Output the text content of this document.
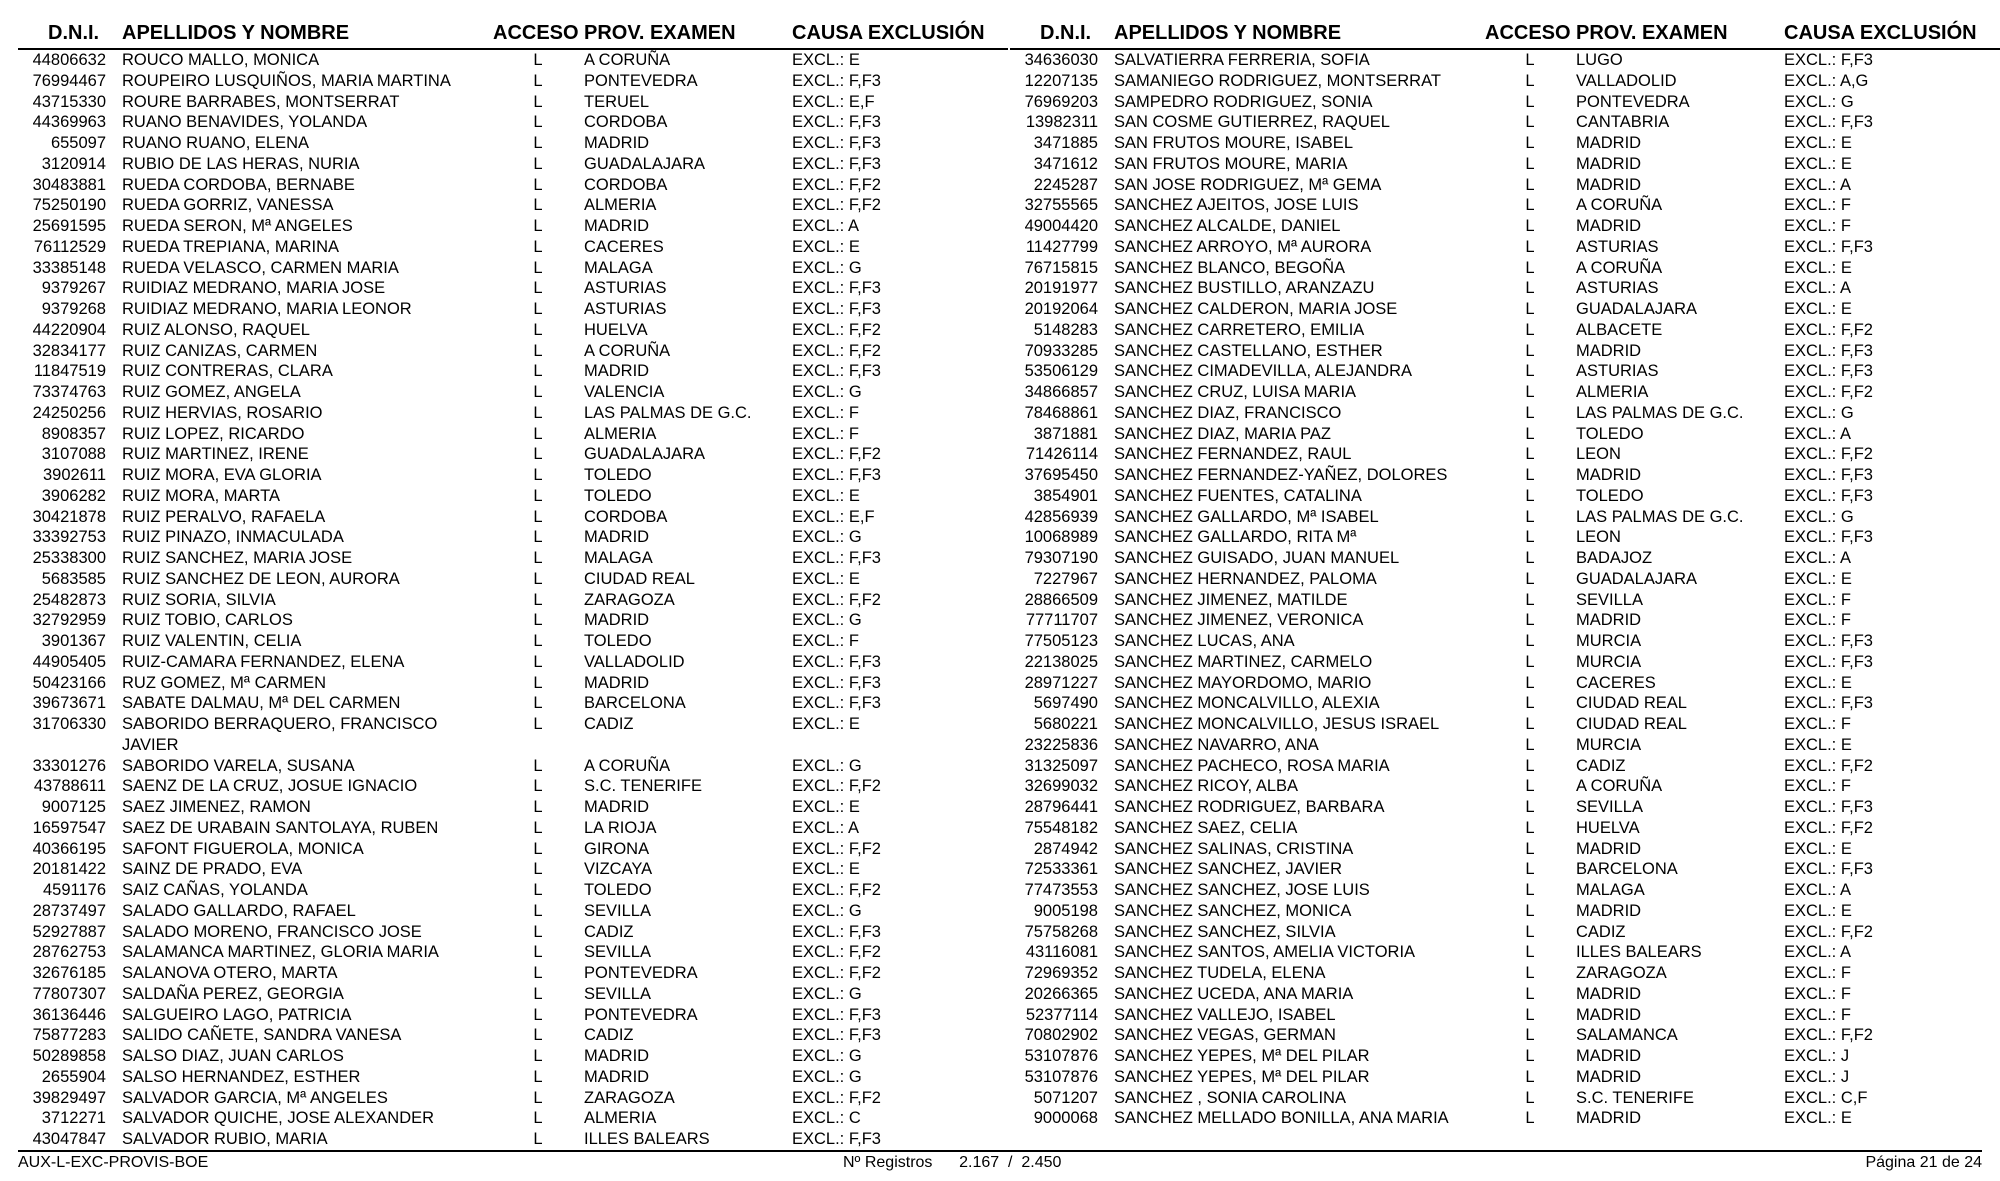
D.N.I. APELLIDOS Y NOMBRE	ACCESO PROV. EXAMEN	CAUSA EXCLUSIÓN
44806632 ROUCO MALLO, MONICA	L	A CORUÑA	EXCL.: E
76994467 ROUPEIRO LUSQUIÑOS, MARIA MARTINA	L	PONTEVEDRA	EXCL.: F,F3
43715330 ROURE BARRABES, MONTSERRAT	L	TERUEL	EXCL.: E,F
44369963 RUANO BENAVIDES, YOLANDA	L	CORDOBA	EXCL.: F,F3
655097 RUANO RUANO, ELENA	L	MADRID	EXCL.: F,F3
3120914 RUBIO DE LAS HERAS, NURIA	L	GUADALAJARA	EXCL.: F,F3
30483881 RUEDA CORDOBA, BERNABE	L	CORDOBA	EXCL.: F,F2
75250190 RUEDA GORRIZ, VANESSA	L	ALMERIA	EXCL.: F,F2
25691595 RUEDA SERON, Mª ANGELES	L	MADRID	EXCL.: A
76112529 RUEDA TREPIANA, MARINA	L	CACERES	EXCL.: E
33385148 RUEDA VELASCO, CARMEN MARIA	L	MALAGA	EXCL.: G
9379267 RUIDIAZ MEDRANO, MARIA JOSE	L	ASTURIAS	EXCL.: F,F3
9379268 RUIDIAZ MEDRANO, MARIA LEONOR	L	ASTURIAS	EXCL.: F,F3
44220904 RUIZ ALONSO, RAQUEL	L	HUELVA	EXCL.: F,F2
32834177 RUIZ CANIZAS, CARMEN	L	A CORUÑA	EXCL.: F,F2
11847519 RUIZ CONTRERAS, CLARA	L	MADRID	EXCL.: F,F3
73374763 RUIZ GOMEZ, ANGELA	L	VALENCIA	EXCL.: G
24250256 RUIZ HERVIAS, ROSARIO	L	LAS PALMAS DE G.C. EXCL.: F
8908357 RUIZ LOPEZ, RICARDO	L	ALMERIA	EXCL.: F
3107088 RUIZ MARTINEZ, IRENE	L	GUADALAJARA	EXCL.: F,F2
3902611 RUIZ MORA, EVA GLORIA	L	TOLEDO	EXCL.: F,F3
3906282 RUIZ MORA, MARTA	L	TOLEDO	EXCL.: E
30421878 RUIZ PERALVO, RAFAELA	L	CORDOBA	EXCL.: E,F
33392753 RUIZ PINAZO, INMACULADA	L	MADRID	EXCL.: G
25338300 RUIZ SANCHEZ, MARIA JOSE	L	MALAGA	EXCL.: F,F3
5683585 RUIZ SANCHEZ DE LEON, AURORA	L	CIUDAD REAL	EXCL.: E
25482873 RUIZ SORIA, SILVIA	L	ZARAGOZA	EXCL.: F,F2
32792959 RUIZ TOBIO, CARLOS	L	MADRID	EXCL.: G
3901367 RUIZ VALENTIN, CELIA	L	TOLEDO	EXCL.: F
44905405 RUIZ-CAMARA FERNANDEZ, ELENA	L	VALLADOLID	EXCL.: F,F3
50423166 RUZ GOMEZ, Mª CARMEN	L	MADRID	EXCL.: F,F3
39673671 SABATE DALMAU, Mª DEL CARMEN	L	BARCELONA	EXCL.: F,F3
31706330 SABORIDO BERRAQUERO, FRANCISCO JAVIER
L	CADIZ	EXCL.: E
33301276 SABORIDO VARELA, SUSANA	L	A CORUÑA	EXCL.: G
43788611 SAENZ DE LA CRUZ, JOSUE IGNACIO	L	S.C. TENERIFE	EXCL.: F,F2
9007125 SAEZ JIMENEZ, RAMON	L	MADRID	EXCL.: E
16597547 SAEZ DE URABAIN SANTOLAYA, RUBEN	L	LA RIOJA	EXCL.: A
40366195 SAFONT FIGUEROLA, MONICA	L	GIRONA	EXCL.: F,F2
20181422 SAINZ DE PRADO, EVA	L	VIZCAYA	EXCL.: E
4591176 SAIZ CAÑAS, YOLANDA	L	TOLEDO	EXCL.: F,F2
28737497 SALADO GALLARDO, RAFAEL	L	SEVILLA	EXCL.: G
52927887 SALADO MORENO, FRANCISCO JOSE	L	CADIZ	EXCL.: F,F3
28762753 SALAMANCA MARTINEZ, GLORIA MARIA	L	SEVILLA	EXCL.: F,F2
32676185 SALANOVA OTERO, MARTA	L	PONTEVEDRA	EXCL.: F,F2
77807307 SALDAÑA PEREZ, GEORGIA	L	SEVILLA	EXCL.: G
36136446 SALGUEIRO LAGO, PATRICIA	L	PONTEVEDRA	EXCL.: F,F3
75877283 SALIDO CAÑETE, SANDRA VANESA	L	CADIZ	EXCL.: F,F3
50289858 SALSO DIAZ, JUAN CARLOS	L	MADRID	EXCL.: G
2655904 SALSO HERNANDEZ, ESTHER	L	MADRID	EXCL.: G
39829497 SALVADOR GARCIA, Mª ANGELES	L	ZARAGOZA	EXCL.: F,F2
3712271 SALVADOR QUICHE, JOSE ALEXANDER	L	ALMERIA	EXCL.: C
43047847 SALVADOR RUBIO, MARIA	L	ILLES BALEARS	EXCL.: F,F3
D.N.I. APELLIDOS Y NOMBRE	ACCESO PROV. EXAMEN	CAUSA EXCLUSIÓN
34636030 SALVATIERRA FERRERIA, SOFIA	L	LUGO	EXCL.: F,F3
12207135 SAMANIEGO RODRIGUEZ, MONTSERRAT	L	VALLADOLID	EXCL.: A,G
76969203 SAMPEDRO RODRIGUEZ, SONIA	L	PONTEVEDRA	EXCL.: G
13982311 SAN COSME GUTIERREZ, RAQUEL	L	CANTABRIA	EXCL.: F,F3
3471885 SAN FRUTOS MOURE, ISABEL	L	MADRID	EXCL.: E
3471612 SAN FRUTOS MOURE, MARIA	L	MADRID	EXCL.: E
2245287 SAN JOSE RODRIGUEZ, Mª GEMA	L	MADRID	EXCL.: A
32755565 SANCHEZ AJEITOS, JOSE LUIS	L	A CORUÑA	EXCL.: F
49004420 SANCHEZ ALCALDE, DANIEL	L	MADRID	EXCL.: F
11427799 SANCHEZ ARROYO, Mª AURORA	L	ASTURIAS	EXCL.: F,F3
76715815 SANCHEZ BLANCO, BEGOÑA	L	A CORUÑA	EXCL.: E
20191977 SANCHEZ BUSTILLO, ARANZAZU	L	ASTURIAS	EXCL.: A
20192064 SANCHEZ CALDERON, MARIA JOSE	L	GUADALAJARA	EXCL.: E
5148283 SANCHEZ CARRETERO, EMILIA	L	ALBACETE	EXCL.: F,F2
70933285 SANCHEZ CASTELLANO, ESTHER	L	MADRID	EXCL.: F,F3
53506129 SANCHEZ CIMADEVILLA, ALEJANDRA	L	ASTURIAS	EXCL.: F,F3
34866857 SANCHEZ CRUZ, LUISA MARIA	L	ALMERIA	EXCL.: F,F2
78468861 SANCHEZ DIAZ, FRANCISCO	L	LAS PALMAS DE G.C. EXCL.: G
3871881 SANCHEZ DIAZ, MARIA PAZ	L	TOLEDO	EXCL.: A
71426114 SANCHEZ FERNANDEZ, RAUL	L	LEON	EXCL.: F,F2
37695450 SANCHEZ FERNANDEZ-YAÑEZ, DOLORES	L	MADRID	EXCL.: F,F3
3854901 SANCHEZ FUENTES, CATALINA	L	TOLEDO	EXCL.: F,F3
42856939 SANCHEZ GALLARDO, Mª ISABEL	L	LAS PALMAS DE G.C. EXCL.: G
10068989 SANCHEZ GALLARDO, RITA Mª	L	LEON	EXCL.: F,F3
79307190 SANCHEZ GUISADO, JUAN MANUEL	L	BADAJOZ	EXCL.: A
7227967 SANCHEZ HERNANDEZ, PALOMA	L	GUADALAJARA	EXCL.: E
28866509 SANCHEZ JIMENEZ, MATILDE	L	SEVILLA	EXCL.: F
77711707 SANCHEZ JIMENEZ, VERONICA	L	MADRID	EXCL.: F
77505123 SANCHEZ LUCAS, ANA	L	MURCIA	EXCL.: F,F3
22138025 SANCHEZ MARTINEZ, CARMELO	L	MURCIA	EXCL.: F,F3
28971227 SANCHEZ MAYORDOMO, MARIO	L	CACERES	EXCL.: E
5697490 SANCHEZ MONCALVILLO, ALEXIA	L	CIUDAD REAL	EXCL.: F,F3
5680221 SANCHEZ MONCALVILLO, JESUS ISRAEL	L	CIUDAD REAL	EXCL.: F
23225836 SANCHEZ NAVARRO, ANA	L	MURCIA	EXCL.: E
31325097 SANCHEZ PACHECO, ROSA MARIA	L	CADIZ	EXCL.: F,F2
32699032 SANCHEZ RICOY, ALBA	L	A CORUÑA	EXCL.: F
28796441 SANCHEZ RODRIGUEZ, BARBARA	L	SEVILLA	EXCL.: F,F3
75548182 SANCHEZ SAEZ, CELIA	L	HUELVA	EXCL.: F,F2
2874942 SANCHEZ SALINAS, CRISTINA	L	MADRID	EXCL.: E
72533361 SANCHEZ SANCHEZ, JAVIER	L	BARCELONA	EXCL.: F,F3
77473553 SANCHEZ SANCHEZ, JOSE LUIS	L	MALAGA	EXCL.: A
9005198 SANCHEZ SANCHEZ, MONICA	L	MADRID	EXCL.: E
75758268 SANCHEZ SANCHEZ, SILVIA	L	CADIZ	EXCL.: F,F2
43116081 SANCHEZ SANTOS, AMELIA VICTORIA	L	ILLES BALEARS	EXCL.: A
72969352 SANCHEZ TUDELA, ELENA	L	ZARAGOZA	EXCL.: F
20266365 SANCHEZ UCEDA, ANA MARIA	L	MADRID	EXCL.: F
52377114 SANCHEZ VALLEJO, ISABEL	L	MADRID	EXCL.: F
70802902 SANCHEZ VEGAS, GERMAN	L	SALAMANCA	EXCL.: F,F2
53107876 SANCHEZ YEPES, Mª DEL PILAR	L	MADRID	EXCL.: J
53107876 SANCHEZ YEPES, Mª DEL PILAR	L	MADRID	EXCL.: J
5071207 SANCHEZ , SONIA CAROLINA	L	S.C. TENERIFE	EXCL.: C,F
9000068 SANCHEZ MELLADO BONILLA, ANA MARIA	L	MADRID	EXCL.: E
AUX-L-EXC-PROVIS-BOE	Nº Registros      2.167  /  2.450	Página 21 de 24
